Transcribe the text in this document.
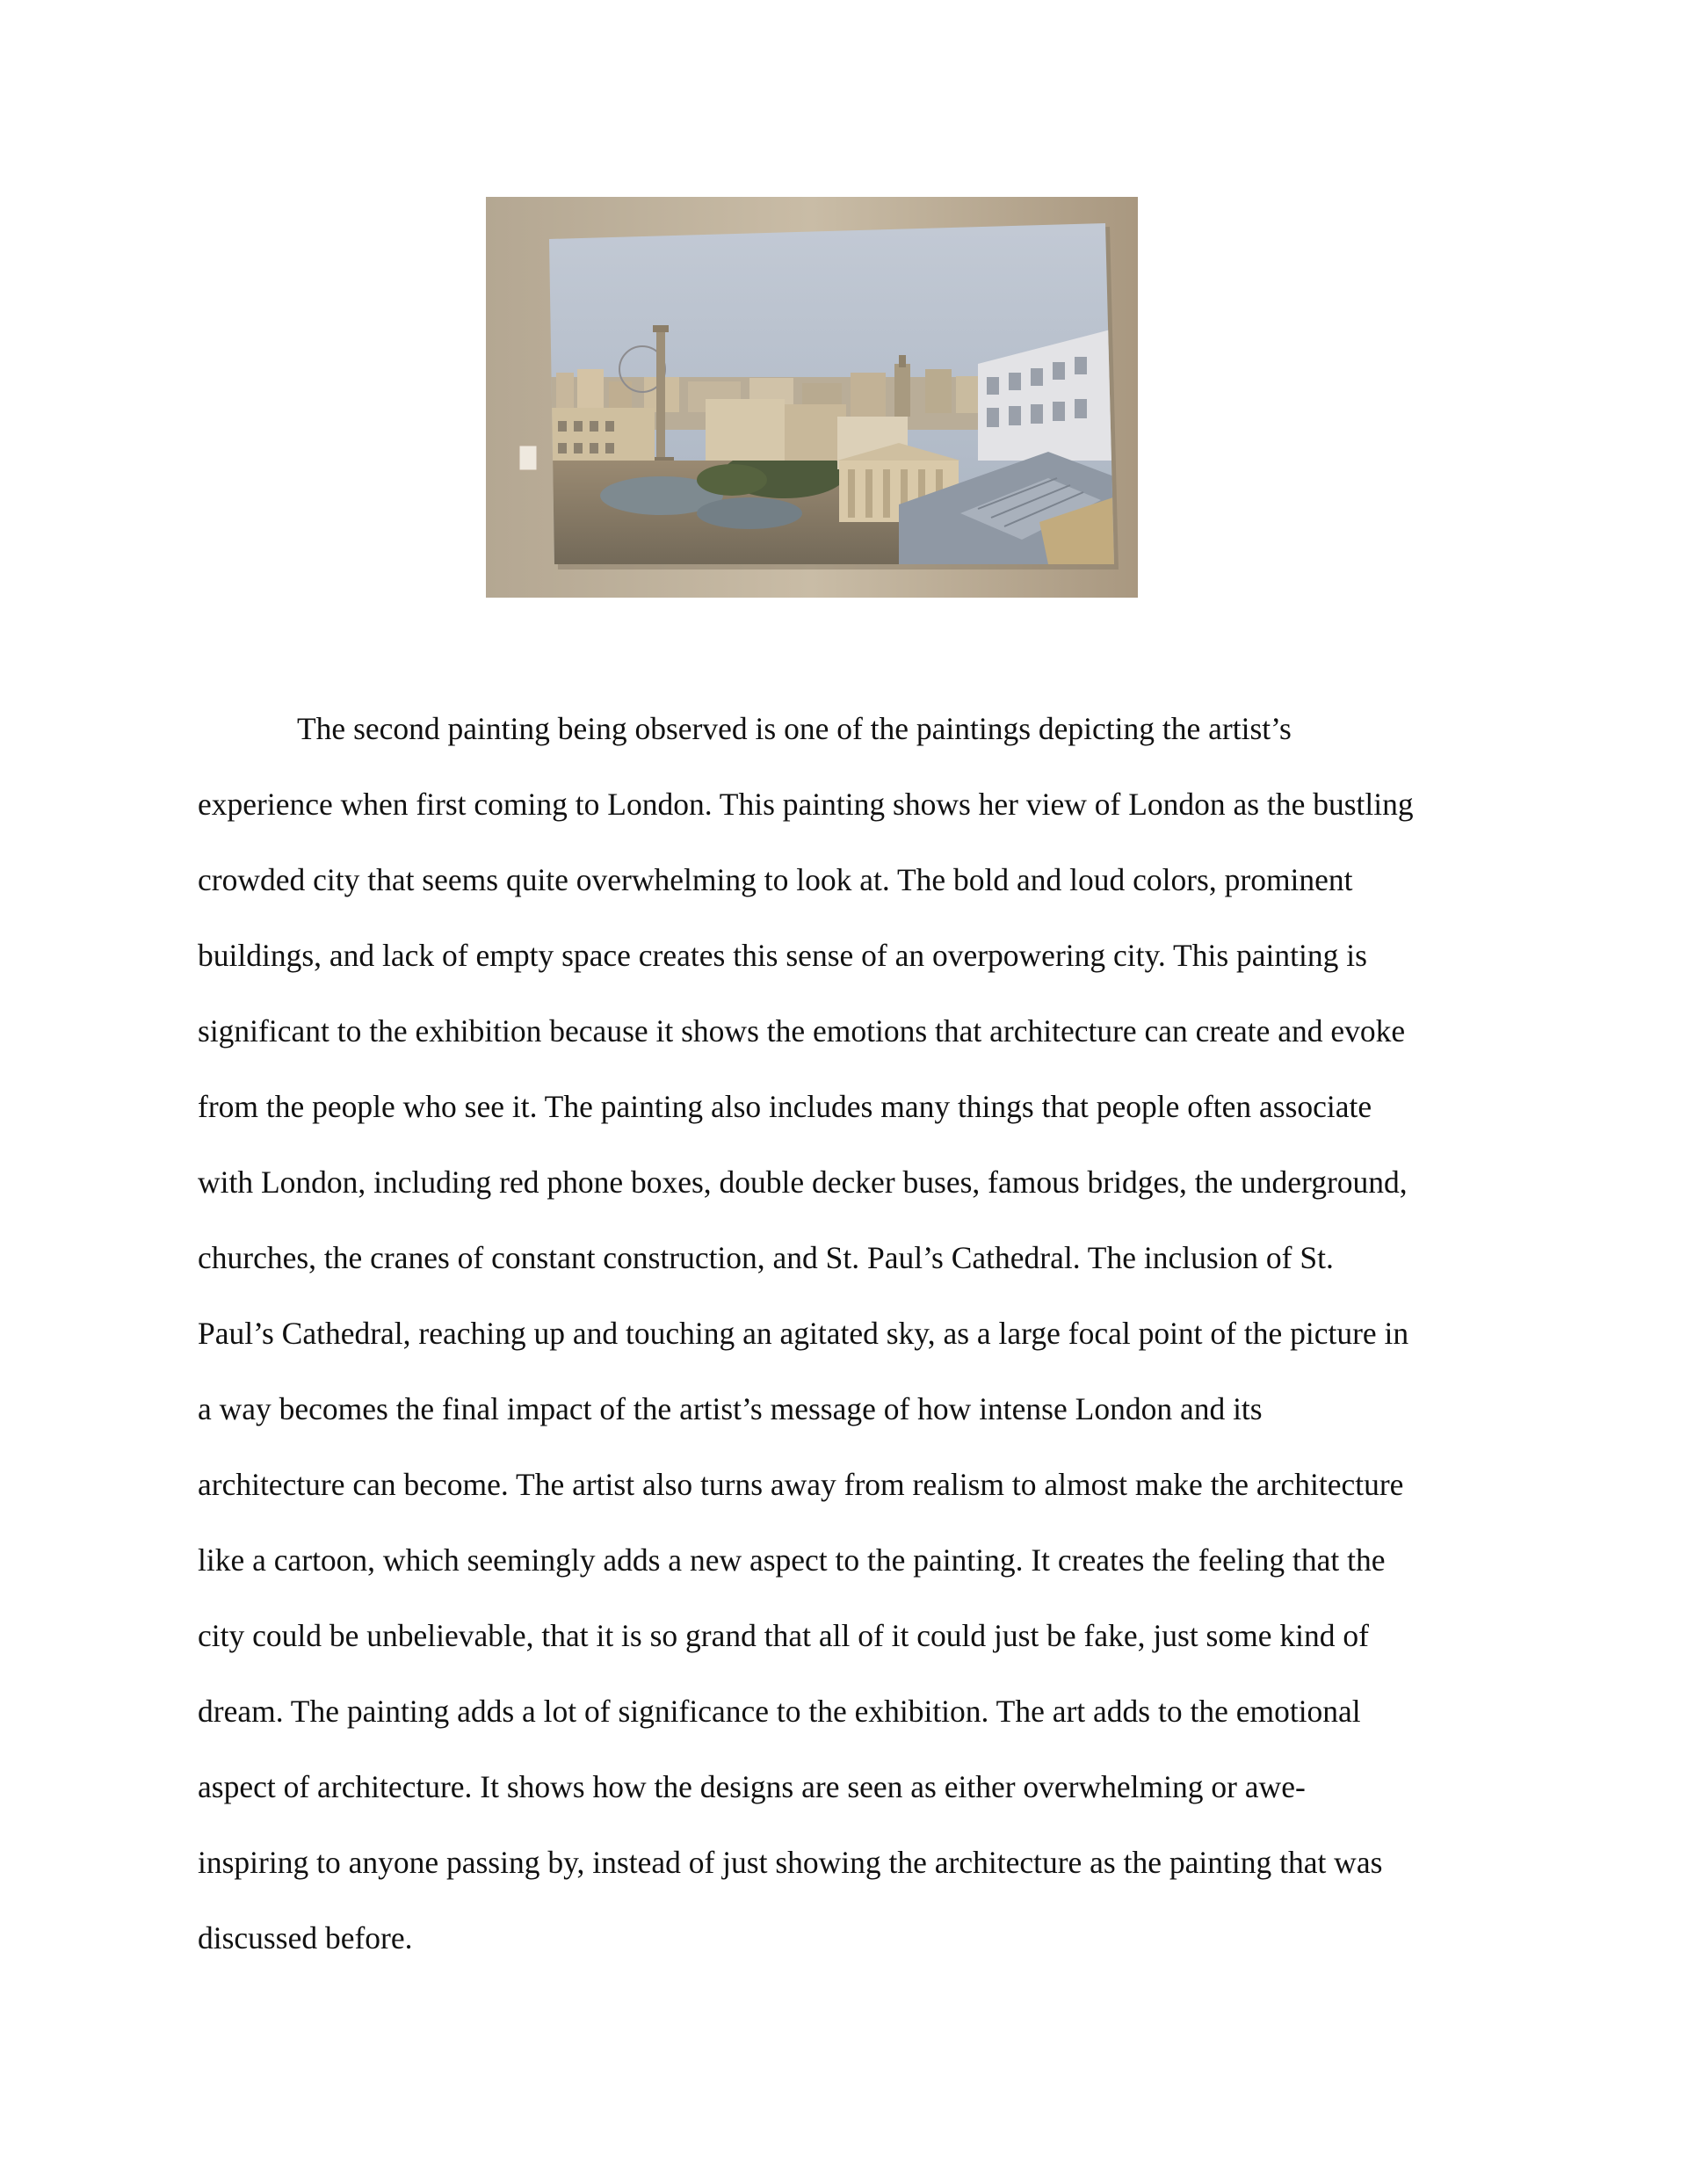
The second painting being observed is one of the paintings depicting the artist’s
experience when first coming to London. This painting shows her view of London as the bustling
crowded city that seems quite overwhelming to look at. The bold and loud colors, prominent
buildings, and lack of empty space creates this sense of an overpowering city. This painting is
significant to the exhibition because it shows the emotions that architecture can create and evoke
from the people who see it. The painting also includes many things that people often associate
with London, including red phone boxes, double decker buses, famous bridges, the underground,
churches, the cranes of constant construction, and St. Paul’s Cathedral. The inclusion of St.
Paul’s Cathedral, reaching up and touching an agitated sky, as a large focal point of the picture in
a way becomes the final impact of the artist’s message of how intense London and its
architecture can become. The artist also turns away from realism to almost make the architecture
like a cartoon, which seemingly adds a new aspect to the painting. It creates the feeling that the
city could be unbelievable, that it is so grand that all of it could just be fake, just some kind of
dream. The painting adds a lot of significance to the exhibition. The art adds to the emotional
aspect of architecture. It shows how the designs are seen as either overwhelming or awe-
inspiring to anyone passing by, instead of just showing the architecture as the painting that was
discussed before.
